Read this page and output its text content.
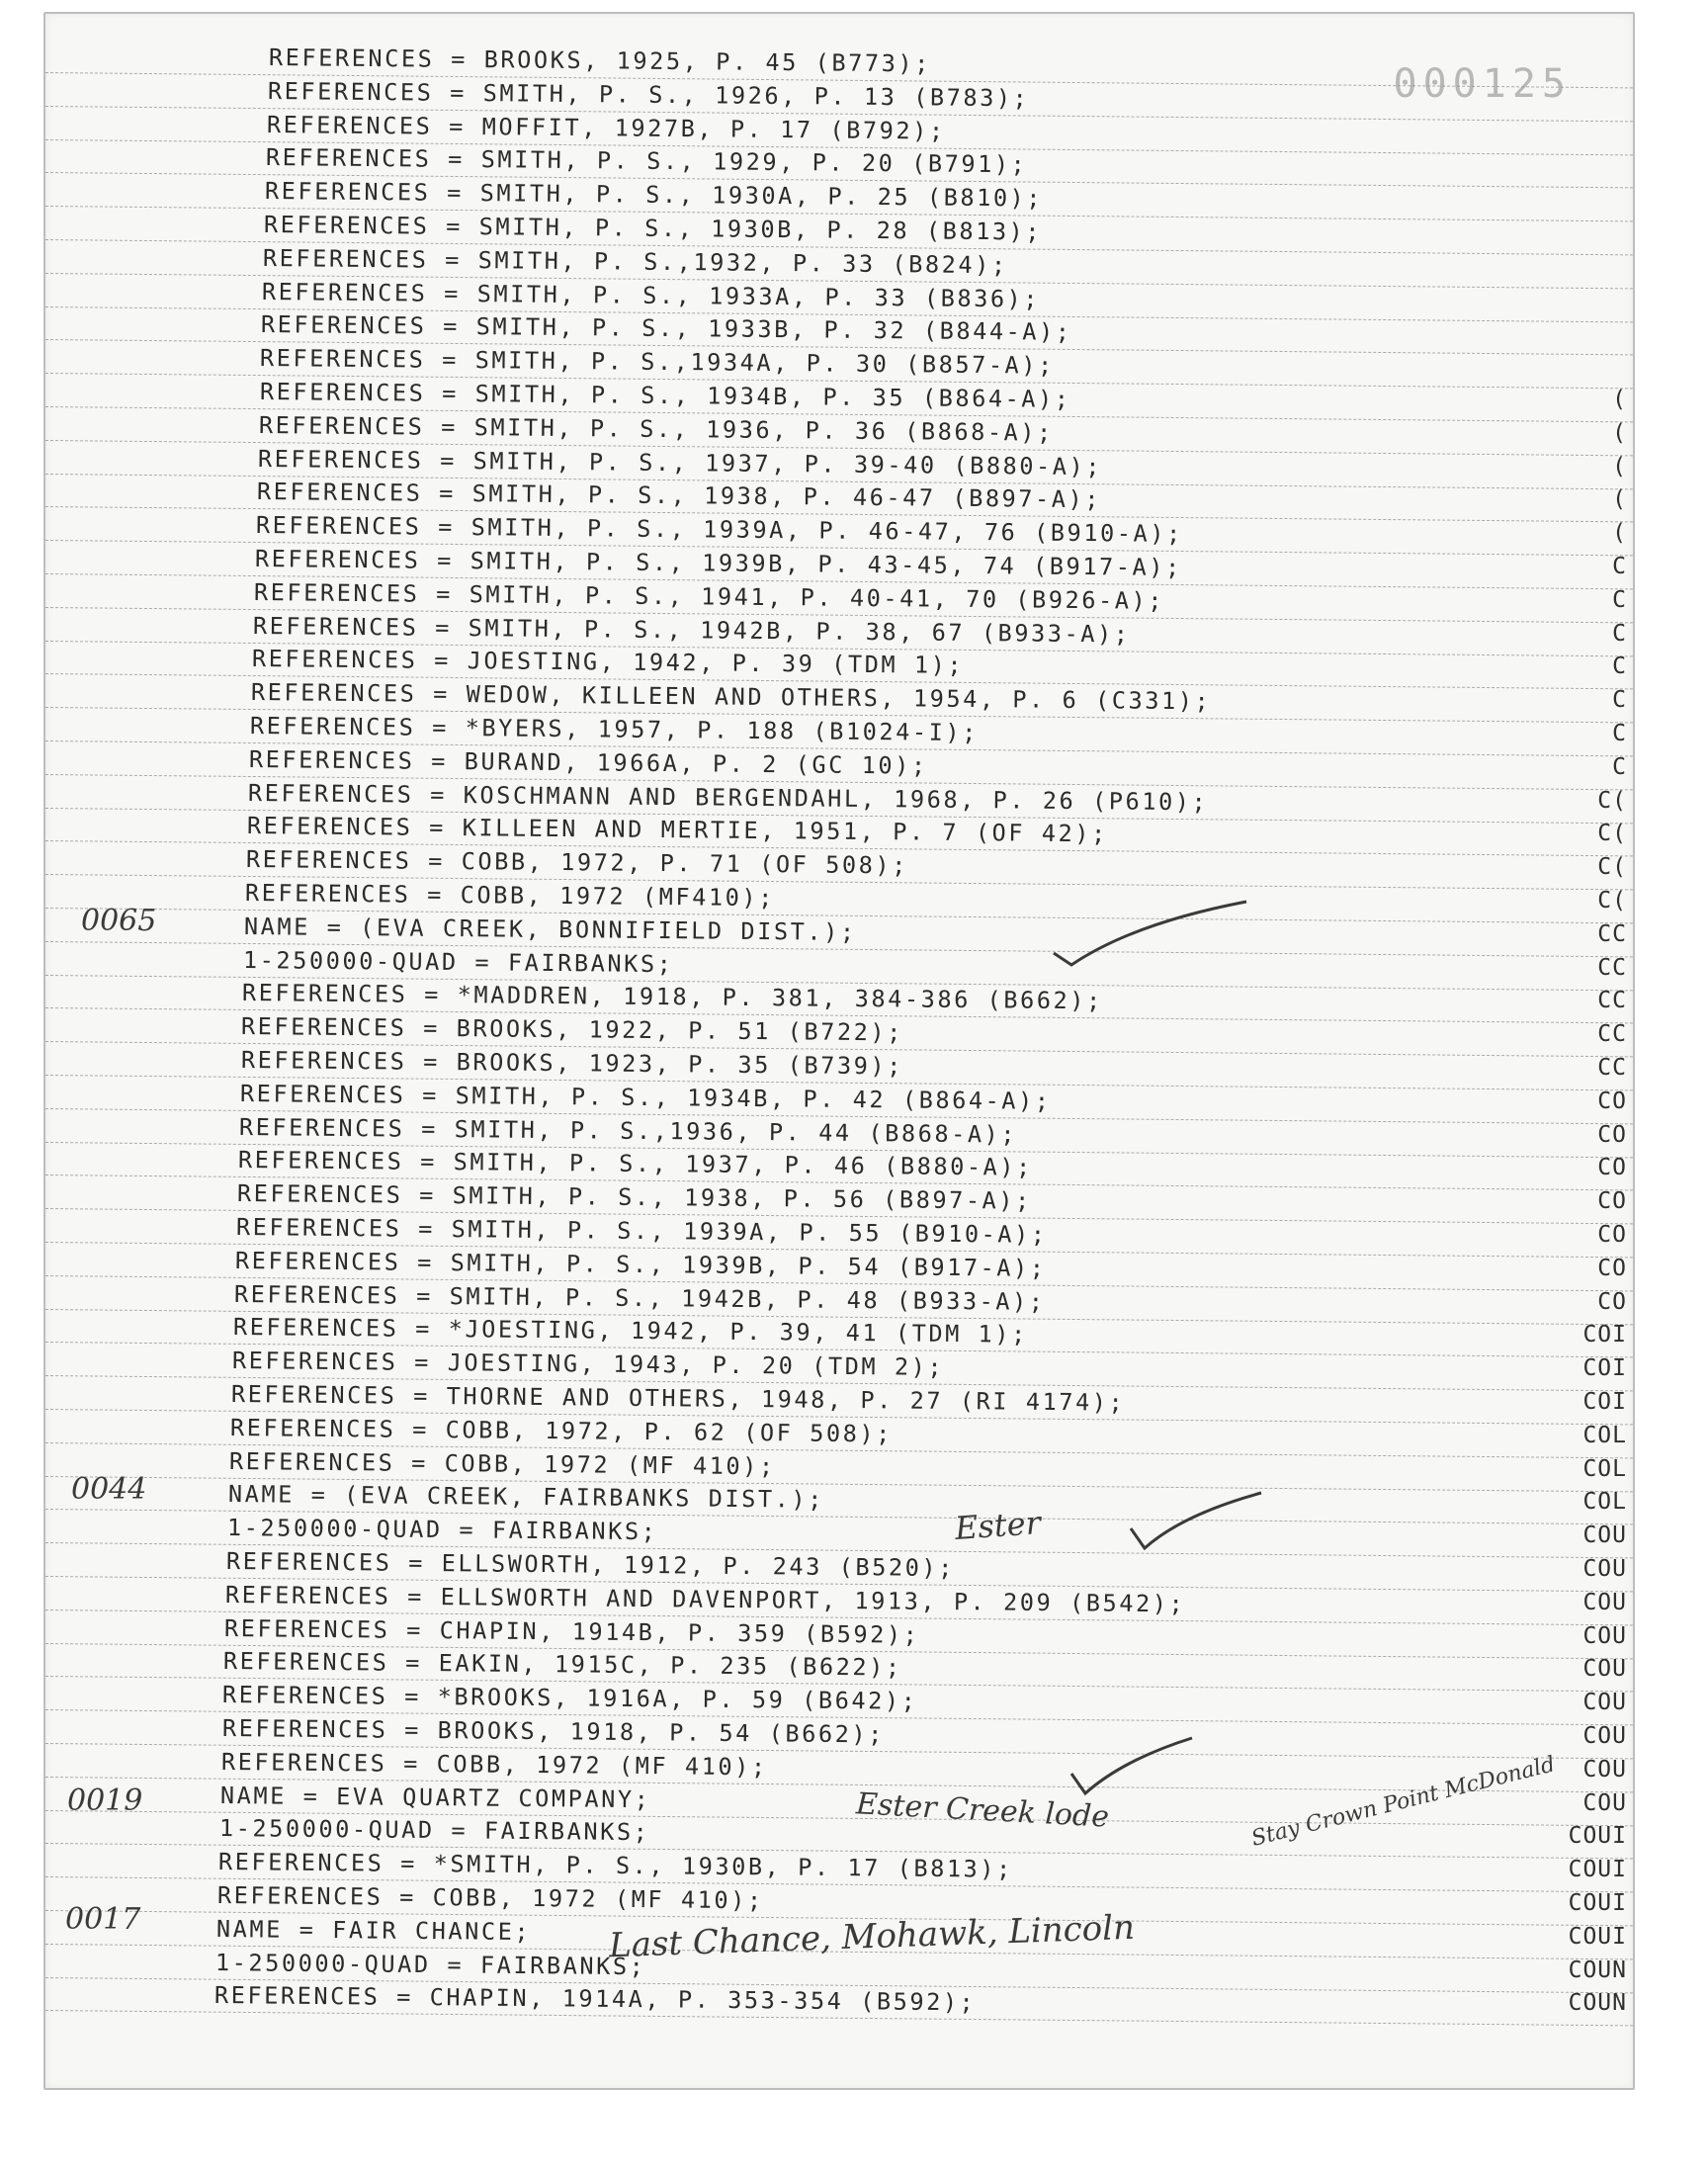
000125
REFERENCES = BROOKS, 1925, P. 45 (B773);
REFERENCES = SMITH, P. S., 1926, P. 13 (B783);
REFERENCES = MOFFIT, 1927B, P. 17 (B792);
REFERENCES = SMITH, P. S., 1929, P. 20 (B791);
REFERENCES = SMITH, P. S., 1930A, P. 25 (B810);
REFERENCES = SMITH, P. S., 1930B, P. 28 (B813);
REFERENCES = SMITH, P. S.,1932, P. 33 (B824);
REFERENCES = SMITH, P. S., 1933A, P. 33 (B836);
REFERENCES = SMITH, P. S., 1933B, P. 32 (B844-A);
REFERENCES = SMITH, P. S.,1934A, P. 30 (B857-A);
REFERENCES = SMITH, P. S., 1934B, P. 35 (B864-A);
REFERENCES = SMITH, P. S., 1936, P. 36 (B868-A);
REFERENCES = SMITH, P. S., 1937, P. 39-40 (B880-A);
REFERENCES = SMITH, P. S., 1938, P. 46-47 (B897-A);
REFERENCES = SMITH, P. S., 1939A, P. 46-47, 76 (B910-A);
REFERENCES = SMITH, P. S., 1939B, P. 43-45, 74 (B917-A);
REFERENCES = SMITH, P. S., 1941, P. 40-41, 70 (B926-A);
REFERENCES = SMITH, P. S., 1942B, P. 38, 67 (B933-A);
REFERENCES = JOESTING, 1942, P. 39 (TDM 1);
REFERENCES = WEDOW, KILLEEN AND OTHERS, 1954, P. 6 (C331);
REFERENCES = *BYERS, 1957, P. 188 (B1024-I);
REFERENCES = BURAND, 1966A, P. 2 (GC 10);
REFERENCES = KOSCHMANN AND BERGENDAHL, 1968, P. 26 (P610);
REFERENCES = KILLEEN AND MERTIE, 1951, P. 7 (OF 42);
REFERENCES = COBB, 1972, P. 71 (OF 508);
REFERENCES = COBB, 1972 (MF410);
NAME = (EVA CREEK, BONNIFIELD DIST.);
1-250000-QUAD = FAIRBANKS;
REFERENCES = *MADDREN, 1918, P. 381, 384-386 (B662);
REFERENCES = BROOKS, 1922, P. 51 (B722);
REFERENCES = BROOKS, 1923, P. 35 (B739);
REFERENCES = SMITH, P. S., 1934B, P. 42 (B864-A);
REFERENCES = SMITH, P. S.,1936, P. 44 (B868-A);
REFERENCES = SMITH, P. S., 1937, P. 46 (B880-A);
REFERENCES = SMITH, P. S., 1938, P. 56 (B897-A);
REFERENCES = SMITH, P. S., 1939A, P. 55 (B910-A);
REFERENCES = SMITH, P. S., 1939B, P. 54 (B917-A);
REFERENCES = SMITH, P. S., 1942B, P. 48 (B933-A);
REFERENCES = *JOESTING, 1942, P. 39, 41 (TDM 1);
REFERENCES = JOESTING, 1943, P. 20 (TDM 2);
REFERENCES = THORNE AND OTHERS, 1948, P. 27 (RI 4174);
REFERENCES = COBB, 1972, P. 62 (OF 508);
REFERENCES = COBB, 1972 (MF 410);
NAME = (EVA CREEK, FAIRBANKS DIST.);
1-250000-QUAD = FAIRBANKS;
REFERENCES = ELLSWORTH, 1912, P. 243 (B520);
REFERENCES = ELLSWORTH AND DAVENPORT, 1913, P. 209 (B542);
REFERENCES = CHAPIN, 1914B, P. 359 (B592);
REFERENCES = EAKIN, 1915C, P. 235 (B622);
REFERENCES = *BROOKS, 1916A, P. 59 (B642);
REFERENCES = BROOKS, 1918, P. 54 (B662);
REFERENCES = COBB, 1972 (MF 410);
NAME = EVA QUARTZ COMPANY;
1-250000-QUAD = FAIRBANKS;
REFERENCES = *SMITH, P. S., 1930B, P. 17 (B813);
REFERENCES = COBB, 1972 (MF 410);
NAME = FAIR CHANCE;
1-250000-QUAD = FAIRBANKS;
REFERENCES = CHAPIN, 1914A, P. 353-354 (B592);
(
(
(
(
(
C
C
C
C
C
C
C
C(
C(
C(
C(
CC
CC
CC
CC
CC
CO
CO
CO
CO
CO
CO
CO
COI
COI
COI
COL
COL
COL
COU
COU
COU
COU
COU
COU
COU
COU
COU
COUI
COUI
COUI
COUI
COUN
COUN
0065
0044
0019
0017
Ester
Ester Creek lode	Stay Crown Point McDonald
Last Chance, Mohawk, Lincoln
